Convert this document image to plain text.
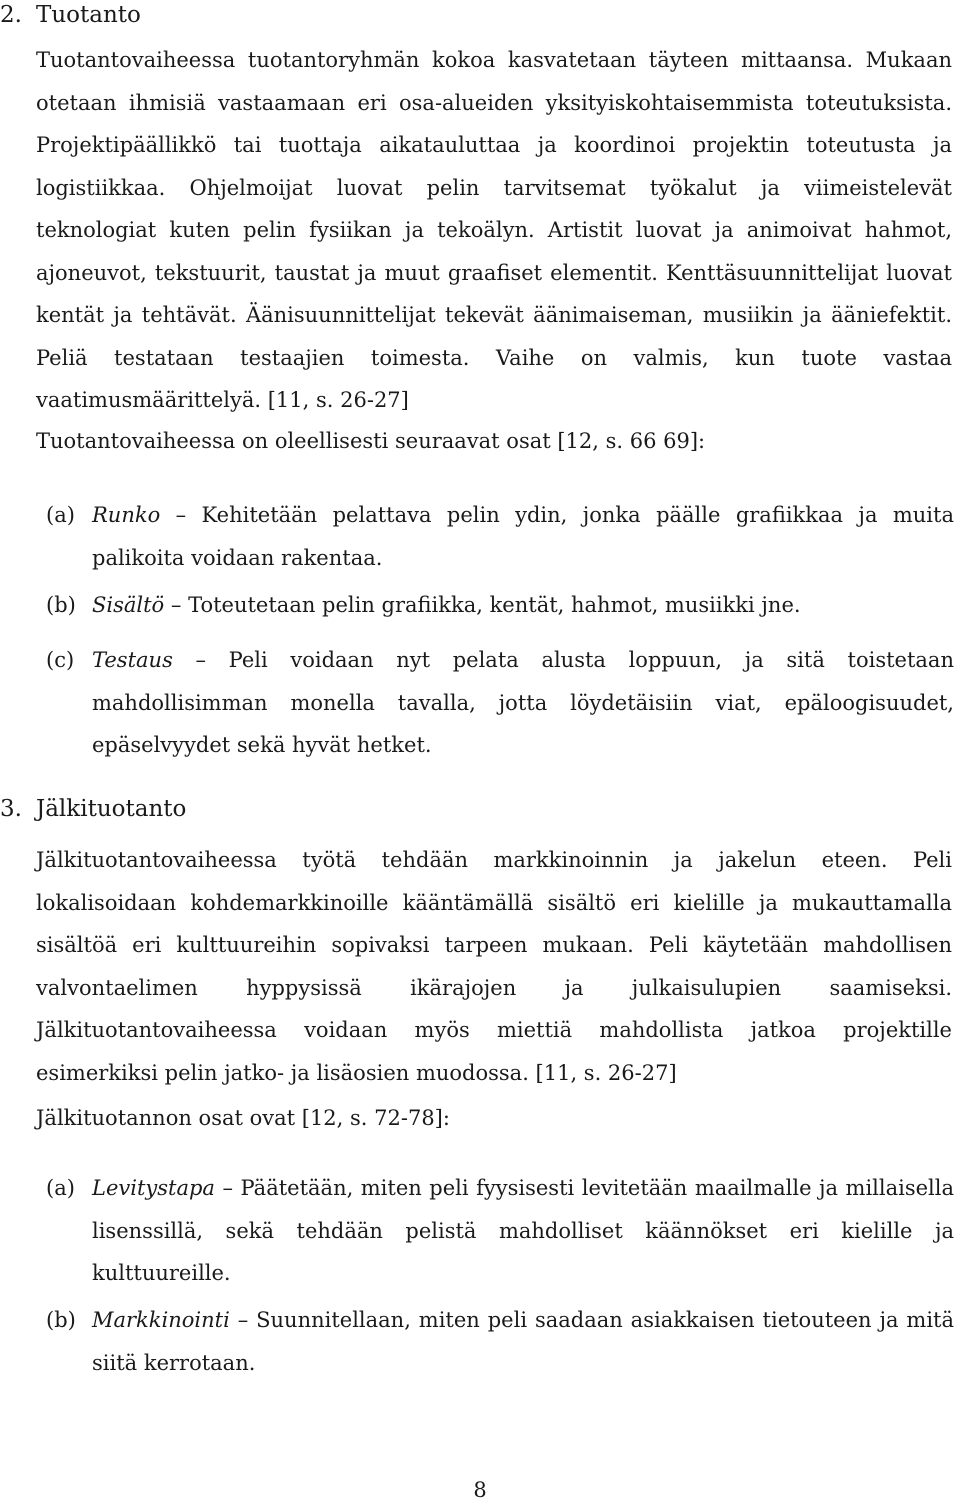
2. Tuotanto

Tuotantovaiheessa tuotantoryhmän kokoa kasvatetaan täyteen mittaansa. Mukaan otetaan ihmisiä vastaamaan eri osa-alueiden yksityiskohtaisemmista toteutuksista. Projektipäällikkö tai tuottaja aikatauluttaa ja koordinoi projektin toteutusta ja logistiikkaa. Ohjelmoijat luovat pelin tarvitsemat työkalut ja viimeistelevät teknologiat kuten pelin fysiikan ja tekoälyn. Artistit luovat ja animoivat hahmot, ajoneuvot, tekstuurit, taustat ja muut graafiset elementit. Kenttäsuunnittelijat luovat kentät ja tehtävät. Äänisuunnittelijat tekevät äänimaiseman, musiikin ja ääniefektit. Peliä testataan testaajien toimesta. Vaihe on valmis, kun tuote vastaa vaatimusmäärittelyä. [11, s. 26-27]

Tuotantovaiheessa on oleellisesti seuraavat osat [12, s. 66 69]:

(a) Runko – Kehitetään pelattava pelin ydin, jonka päälle grafiikkaa ja muita palikoita voidaan rakentaa.
(b) Sisältö – Toteutetaan pelin grafiikka, kentät, hahmot, musiikki jne.
(c) Testaus – Peli voidaan nyt pelata alusta loppuun, ja sitä toistetaan mahdollisimman monella tavalla, jotta löydetäisiin viat, epäloogisuudet, epäselvyydet sekä hyvät hetket.
3. Jälkituotanto

Jälkituotantovaiheessa työtä tehdään markkinoinnin ja jakelun eteen. Peli lokalisoidaan kohdemarkkinoille kääntämällä sisältö eri kielille ja mukauttamalla sisältöä eri kulttuureihin sopivaksi tarpeen mukaan. Peli käytetään mahdollisen valvontaelimen hyppysissä ikärajojen ja julkaisulupien saamiseksi. Jälkituotantovaiheessa voidaan myös miettiä mahdollista jatkoa projektille esimerkiksi pelin jatko- ja lisäosien muodossa. [11, s. 26-27]

Jälkituotannon osat ovat [12, s. 72-78]:

(a) Levitystapa – Päätetään, miten peli fyysisesti levitetään maailmalle ja millaisella lisenssillä, sekä tehdään pelistä mahdolliset käännökset eri kielille ja kulttuureille.
(b) Markkinointi – Suunnitellaan, miten peli saadaan asiakkaisen tietouteen ja mitä siitä kerrotaan.
8
